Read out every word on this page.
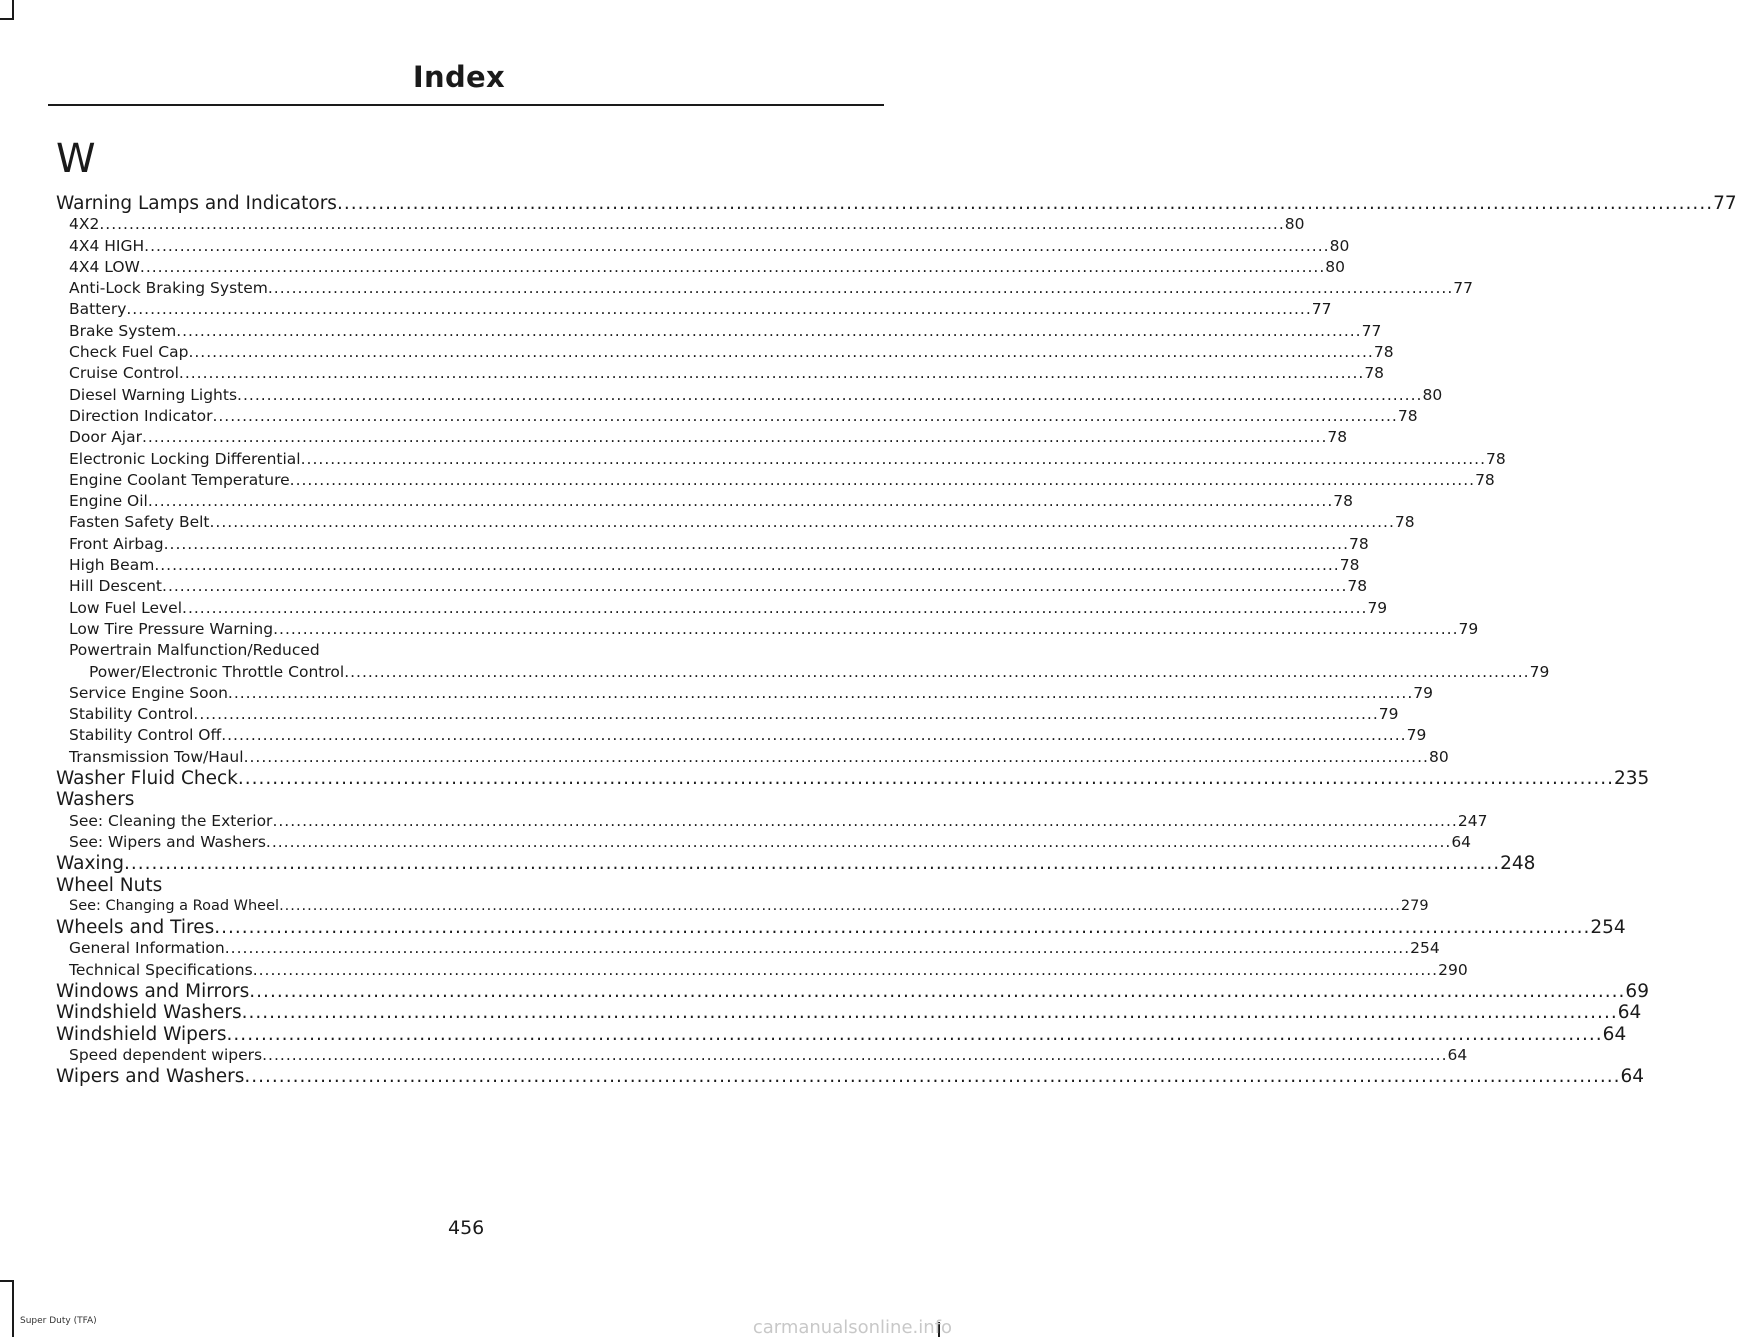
Index
W
Warning Lamps and Indicators ........................................................................................................................................................................................................ 77
4X2 ........................................................................................................................................................................................................ 80
4X4 HIGH ........................................................................................................................................................................................................ 80
4X4 LOW ........................................................................................................................................................................................................ 80
Anti-Lock Braking System ........................................................................................................................................................................................................ 77
Battery ........................................................................................................................................................................................................ 77
Brake System ........................................................................................................................................................................................................ 77
Check Fuel Cap ........................................................................................................................................................................................................ 78
Cruise Control ........................................................................................................................................................................................................ 78
Diesel Warning Lights ........................................................................................................................................................................................................ 80
Direction Indicator ........................................................................................................................................................................................................ 78
Door Ajar ........................................................................................................................................................................................................ 78
Electronic Locking Differential ........................................................................................................................................................................................................ 78
Engine Coolant Temperature ........................................................................................................................................................................................................ 78
Engine Oil ........................................................................................................................................................................................................ 78
Fasten Safety Belt ........................................................................................................................................................................................................ 78
Front Airbag ........................................................................................................................................................................................................ 78
High Beam ........................................................................................................................................................................................................ 78
Hill Descent ........................................................................................................................................................................................................ 78
Low Fuel Level ........................................................................................................................................................................................................ 79
Low Tire Pressure Warning ........................................................................................................................................................................................................ 79
Powertrain Malfunction/Reduced
Power/Electronic Throttle Control ........................................................................................................................................................................................................ 79
Service Engine Soon ........................................................................................................................................................................................................ 79
Stability Control ........................................................................................................................................................................................................ 79
Stability Control Off ........................................................................................................................................................................................................ 79
Transmission Tow/Haul ........................................................................................................................................................................................................ 80
Washer Fluid Check ........................................................................................................................................................................................................ 235
Washers
See: Cleaning the Exterior ........................................................................................................................................................................................................ 247
See: Wipers and Washers ........................................................................................................................................................................................................ 64
Waxing ........................................................................................................................................................................................................ 248
Wheel Nuts
See: Changing a Road Wheel ........................................................................................................................................................................................................ 279
Wheels and Tires ........................................................................................................................................................................................................ 254
General Information ........................................................................................................................................................................................................ 254
Technical Specifications ........................................................................................................................................................................................................ 290
Windows and Mirrors ........................................................................................................................................................................................................ 69
Windshield Washers ........................................................................................................................................................................................................ 64
Windshield Wipers ........................................................................................................................................................................................................ 64
Speed dependent wipers ........................................................................................................................................................................................................ 64
Wipers and Washers ........................................................................................................................................................................................................ 64
456
Super Duty (TFA)	carmanualsonline.info
